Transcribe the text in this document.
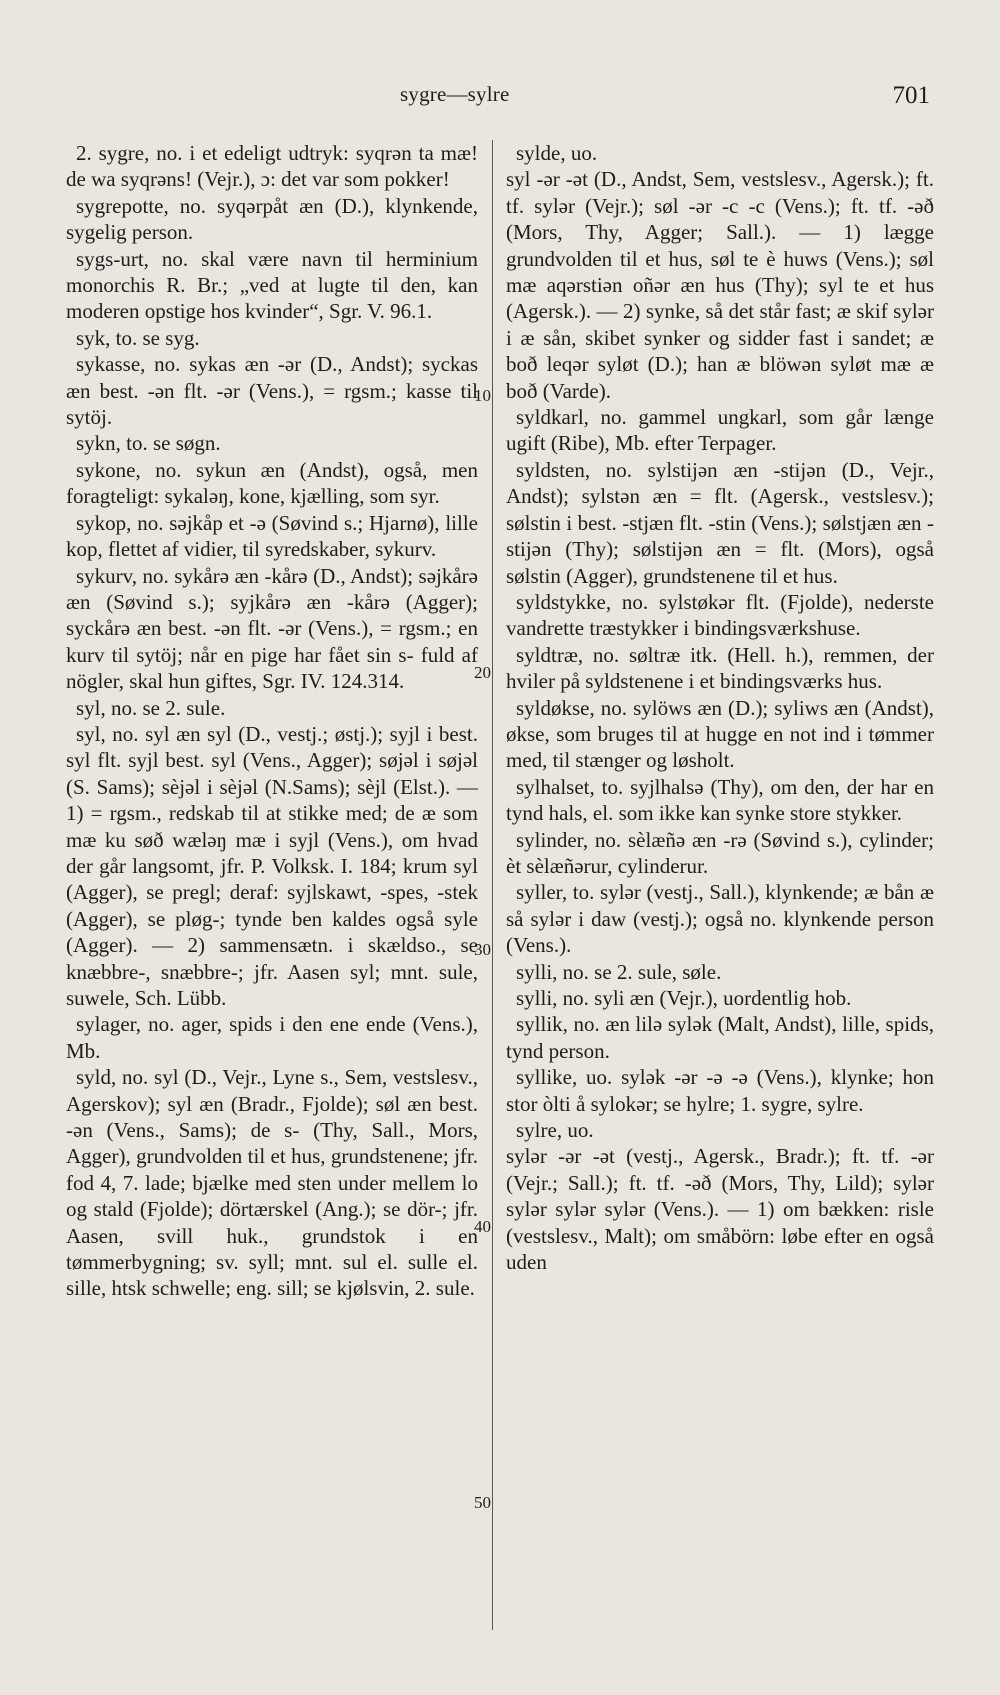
sygre—sylre	701

2. sygre, no. i et edeligt udtryk: syqrən ta mæ! de wa syqrəns! (Vejr.), ɔ: det var som pokker!

sygrepotte, no. syqərpåt æn (D.), klynkende, sygelig person.

sygs-urt, no. skal være navn til herminium monorchis R. Br.; „ved at lugte til den, kan moderen opstige hos kvinder“, Sgr. V. 96.1.

syk, to. se syg.

sykasse, no. sykas æn -ər (D., Andst); syckas æn best. -ən flt. -ər (Vens.), = rgsm.; kasse til sytöj.

sykn, to. se søgn.

sykone, no. sykun æn (Andst), også, men foragteligt: sykaləŋ, kone, kjælling, som syr.

sykop, no. səjkåp et -ə (Søvind s.; Hjarnø), lille kop, flettet af vidier, til syredskaber, sykurv.

sykurv, no. sykårə æn -kårə (D., Andst); səjkårə æn (Søvind s.); syjkårə æn -kårə (Agger); syckårə æn best. -ən flt. -ər (Vens.), = rgsm.; en kurv til sytöj; når en pige har fået sin s- fuld af nögler, skal hun giftes, Sgr. IV. 124.314.

syl, no. se 2. sule.

syl, no. syl æn syl (D., vestj.; østj.); syjl i best. syl flt. syjl best. syl (Vens., Agger); søjəl i søjəl (S. Sams); sèjəl i sèjəl (N.Sams); sèjl (Elst.). — 1) = rgsm., redskab til at stikke med; de æ som mæ ku søð wæləŋ mæ i syjl (Vens.), om hvad der går langsomt, jfr. P. Volksk. I. 184; krum syl (Agger), se pregl; deraf: syjlskawt, -spes, -stek (Agger), se pløg-; tynde ben kaldes også syle (Agger). — 2) sammensætn. i skældso., se knæbbre-, snæbbre-; jfr. Aasen syl; mnt. sule, suwele, Sch. Lübb.

sylager, no. ager, spids i den ene ende (Vens.), Mb.

syld, no. syl (D., Vejr., Lyne s., Sem, vestslesv., Agerskov); syl æn (Bradr., Fjolde); søl æn best. -ən (Vens., Sams); de s- (Thy, Sall., Mors, Agger), grundvolden til et hus, grundstenene; jfr. fod 4, 7. lade; bjælke med sten under mellem lo og stald (Fjolde); dörtærskel (Ang.); se dör-; jfr. Aasen, svill huk., grundstok i en tømmerbygning; sv. syll; mnt. sul el. sulle el. sille, htsk schwelle; eng. sill; se kjølsvin, 2. sule.

10
20
30
40
50

sylde, uo.

syl -ər -ət (D., Andst, Sem, vestslesv., Agersk.); ft. tf. sylər (Vejr.); søl -ər -c -c (Vens.); ft. tf. -əð (Mors, Thy, Agger; Sall.). — 1) lægge grundvolden til et hus, søl te è huws (Vens.); søl mæ aqərstiən oñər æn hus (Thy); syl te et hus (Agersk.). — 2) synke, så det står fast; æ skif sylər i æ sån, skibet synker og sidder fast i sandet; æ boð leqər syløt (D.); han æ blöwən syløt mæ æ boð (Varde).

syldkarl, no. gammel ungkarl, som går længe ugift (Ribe), Mb. efter Terpager.

syldsten, no. sylstijən æn -stijən (D., Vejr., Andst); sylstən æn = flt. (Agersk., vestslesv.); sølstin i best. -stjæn flt. -stin (Vens.); sølstjæn æn -stijən (Thy); sølstijən æn = flt. (Mors), også sølstin (Agger), grundstenene til et hus.

syldstykke, no. sylstøkər flt. (Fjolde), nederste vandrette træstykker i bindingsværkshuse.

syldtræ, no. søltræ itk. (Hell. h.), remmen, der hviler på syldstenene i et bindingsværks hus.

syldøkse, no. sylöws æn (D.); syliws æn (Andst), økse, som bruges til at hugge en not ind i tømmer med, til stænger og løsholt.

sylhalset, to. syjlhalsə (Thy), om den, der har en tynd hals, el. som ikke kan synke store stykker.

sylinder, no. sèlæñə æn -rə (Søvind s.), cylinder; èt sèlæñərur, cylinderur.

syller, to. sylər (vestj., Sall.), klynkende; æ bån æ så sylər i daw (vestj.); også no. klynkende person (Vens.).

sylli, no. se 2. sule, søle.

sylli, no. syli æn (Vejr.), uordentlig hob.

syllik, no. æn lilə sylək (Malt, Andst), lille, spids, tynd person.

syllike, uo. sylək -ər -ə -ə (Vens.), klynke; hon stor òlti å sylokər; se hylre; 1. sygre, sylre.

sylre, uo.

sylər -ər -ət (vestj., Agersk., Bradr.); ft. tf. -ər (Vejr.; Sall.); ft. tf. -əð (Mors, Thy, Lild); sylər sylər sylər sylər (Vens.). — 1) om bækken: risle (vestslesv., Malt); om småbörn: løbe efter en også uden
